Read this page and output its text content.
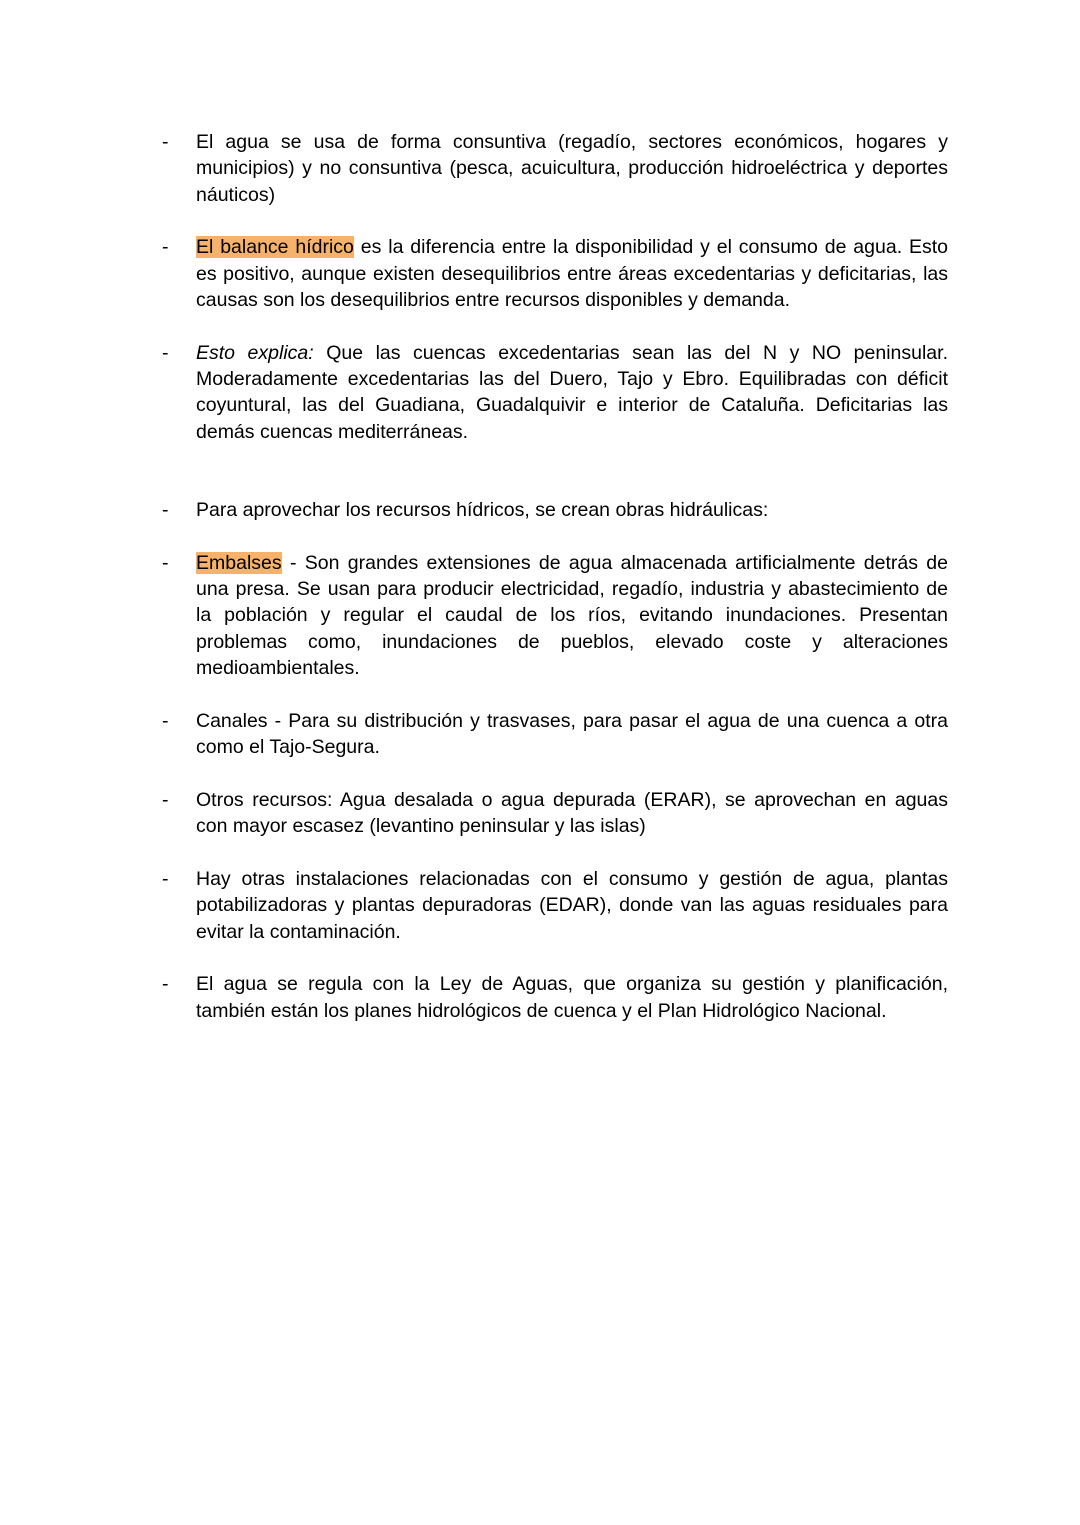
- El agua se usa de forma consuntiva (regadío, sectores económicos, hogares y municipios) y no consuntiva (pesca, acuicultura, producción hidroeléctrica y deportes náuticos)
- El balance hídrico es la diferencia entre la disponibilidad y el consumo de agua. Esto es positivo, aunque existen desequilibrios entre áreas excedentarias y deficitarias, las causas son los desequilibrios entre recursos disponibles y demanda.
- Esto explica: Que las cuencas excedentarias sean las del N y NO peninsular. Moderadamente excedentarias las del Duero, Tajo y Ebro. Equilibradas con déficit coyuntural, las del Guadiana, Guadalquivir e interior de Cataluña. Deficitarias las demás cuencas mediterráneas.
- Para aprovechar los recursos hídricos, se crean obras hidráulicas:
- Embalses - Son grandes extensiones de agua almacenada artificialmente detrás de una presa. Se usan para producir electricidad, regadío, industria y abastecimiento de la población y regular el caudal de los ríos, evitando inundaciones. Presentan problemas como, inundaciones de pueblos, elevado coste y alteraciones medioambientales.
- Canales - Para su distribución y trasvases, para pasar el agua de una cuenca a otra como el Tajo-Segura.
- Otros recursos: Agua desalada o agua depurada (ERAR), se aprovechan en aguas con mayor escasez (levantino peninsular y las islas)
- Hay otras instalaciones relacionadas con el consumo y gestión de agua, plantas potabilizadoras y plantas depuradoras (EDAR), donde van las aguas residuales para evitar la contaminación.
- El agua se regula con la Ley de Aguas, que organiza su gestión y planificación, también están los planes hidrológicos de cuenca y el Plan Hidrológico Nacional.
